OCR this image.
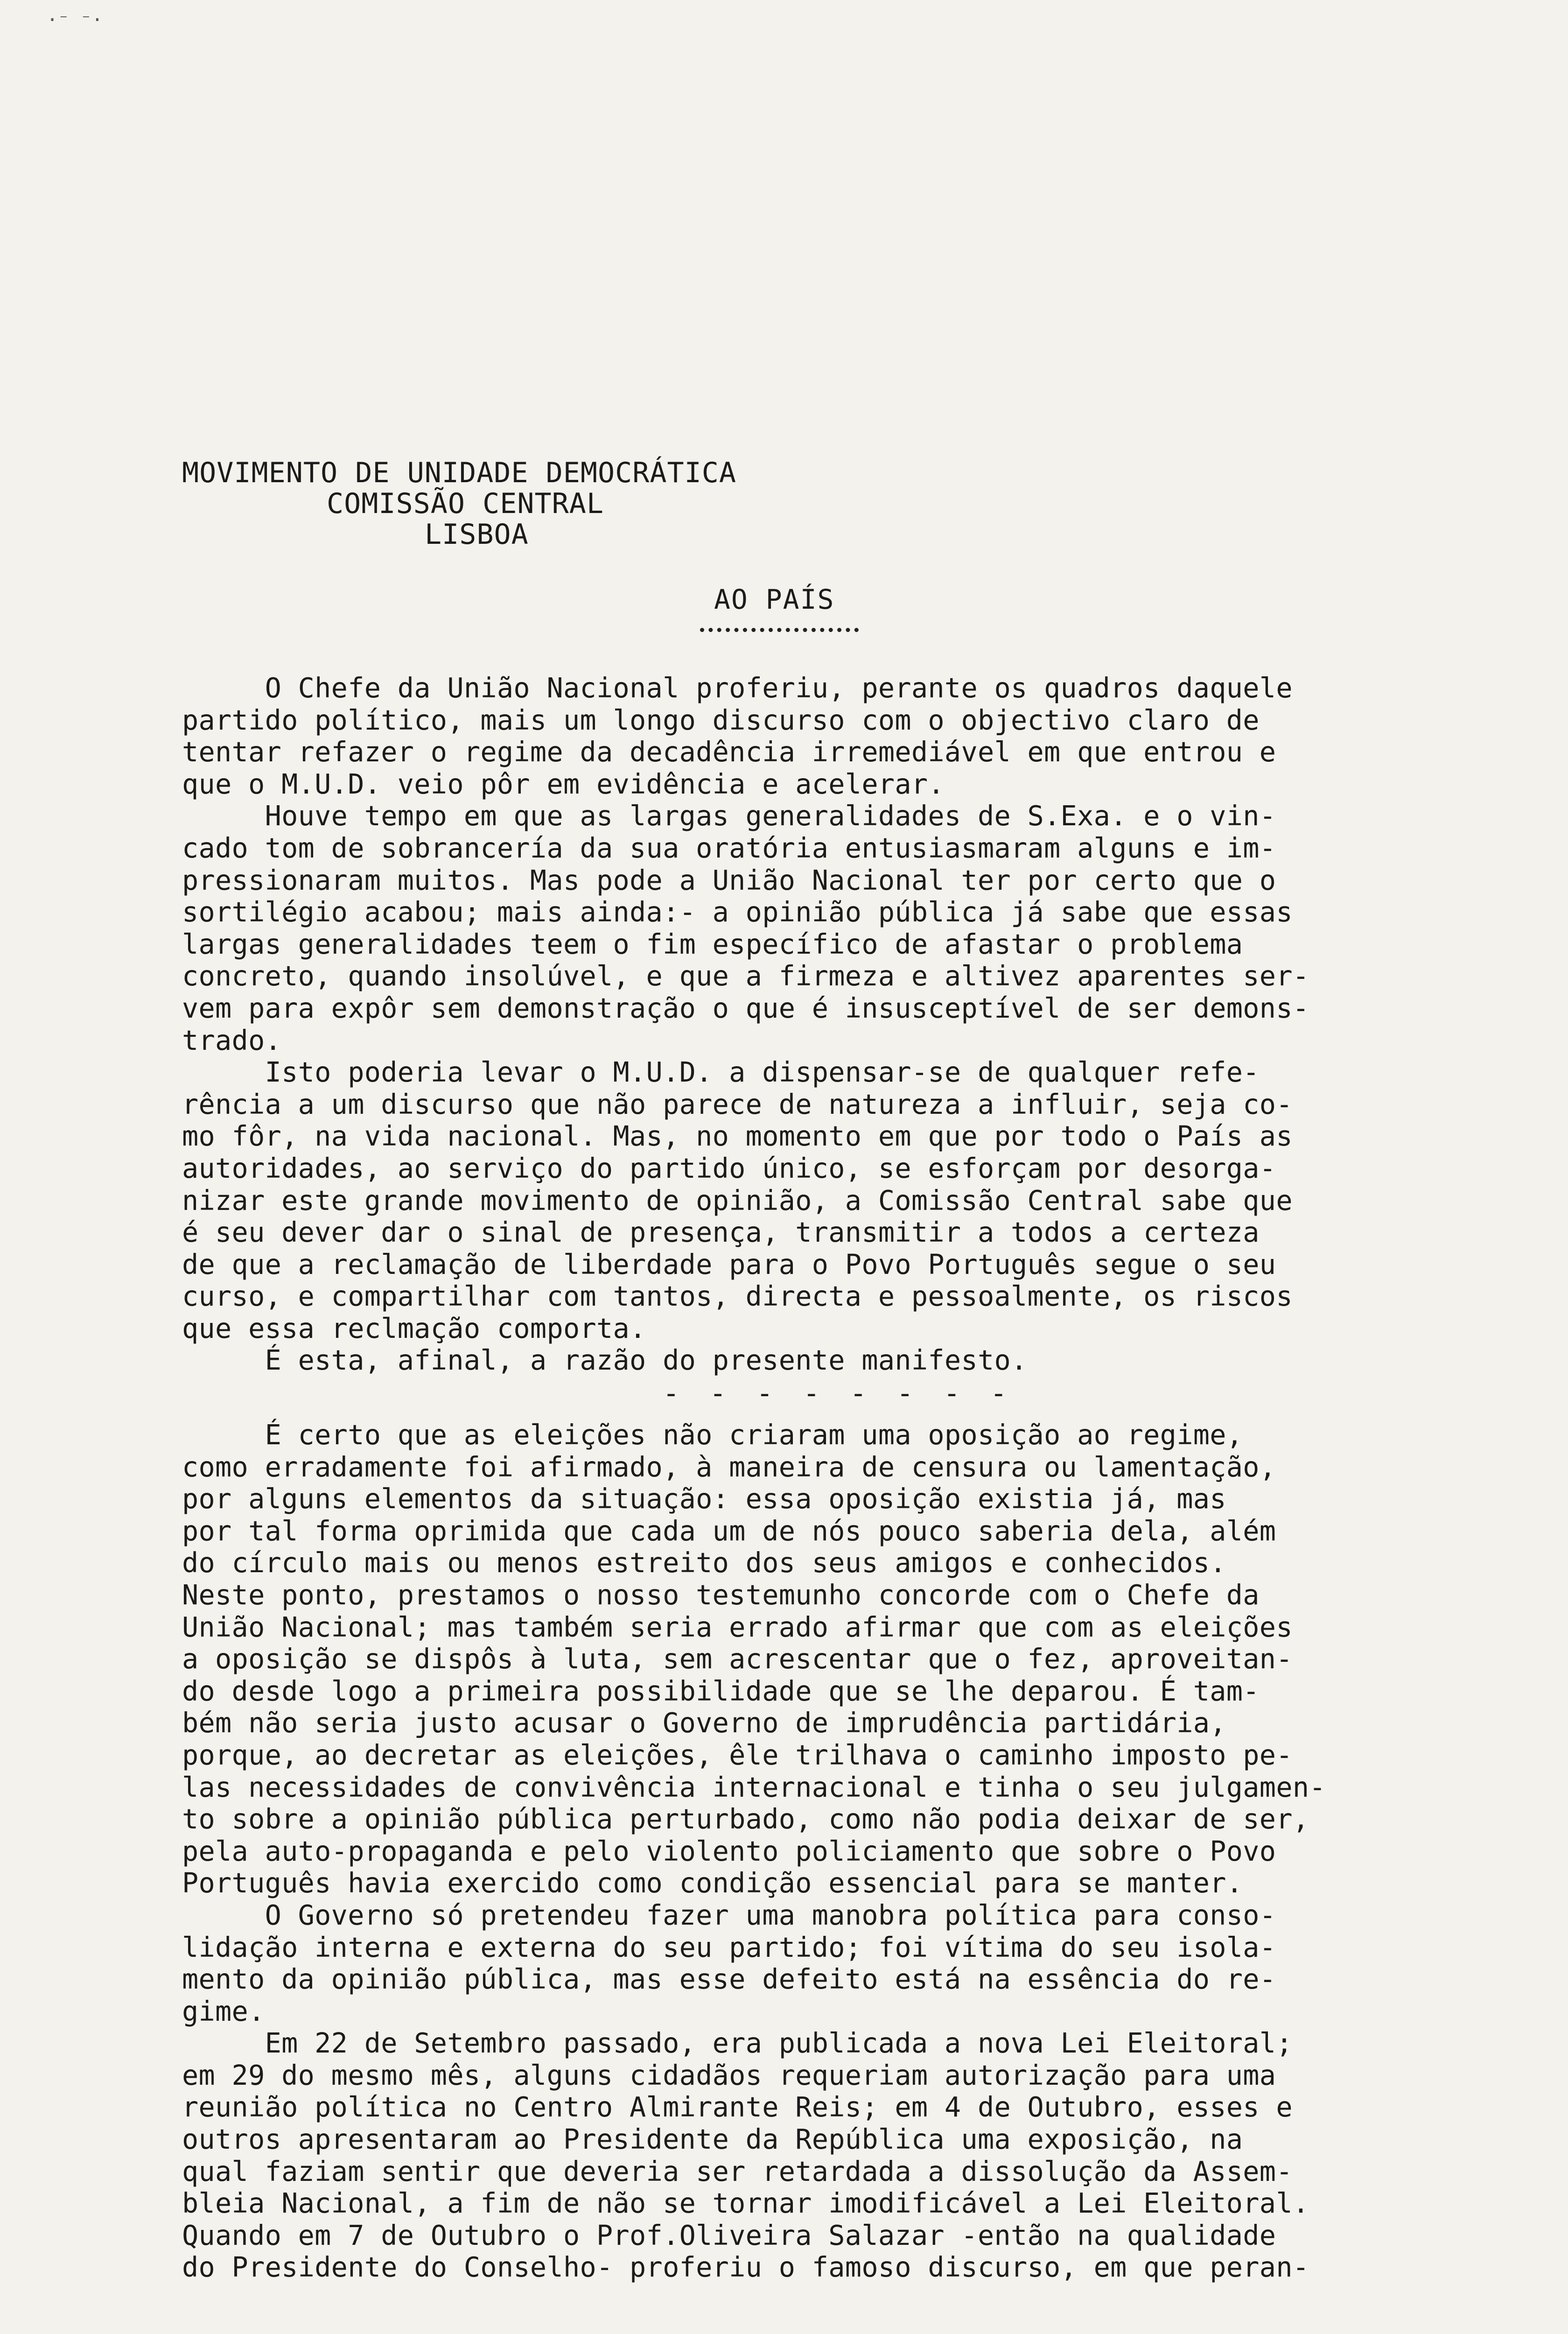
·⁻ ⁻·
MOVIMENTO DE UNIDADE DEMOCRÁTICA
COMISSÃO CENTRAL
LISBOA
AO PAÍS
O Chefe da União Nacional proferiu, perante os quadros daquele
partido político, mais um longo discurso com o objectivo claro de
tentar refazer o regime da decadência irremediável em que entrou e
que o M.U.D. veio pôr em evidência e acelerar.
Houve tempo em que as largas generalidades de S.Exa. e o vin-
cado tom de sobrancería da sua oratória entusiasmaram alguns e im-
pressionaram muitos. Mas pode a União Nacional ter por certo que o
sortilégio acabou; mais ainda:- a opinião pública já sabe que essas
largas generalidades teem o fim específico de afastar o problema
concreto, quando insolúvel, e que a firmeza e altivez aparentes ser-
vem para expôr sem demonstração o que é insusceptível de ser demons-
trado.
Isto poderia levar o M.U.D. a dispensar-se de qualquer refe-
rência a um discurso que não parece de natureza a influir, seja co-
mo fôr, na vida nacional. Mas, no momento em que por todo o País as
autoridades, ao serviço do partido único, se esforçam por desorga-
nizar este grande movimento de opinião, a Comissão Central sabe que
é seu dever dar o sinal de presença, transmitir a todos a certeza
de que a reclamação de liberdade para o Povo Português segue o seu
curso, e compartilhar com tantos, directa e pessoalmente, os riscos
que essa reclmação comporta.
É esta, afinal, a razão do presente manifesto.
- - - - - - - -
É certo que as eleições não criaram uma oposição ao regime,
como erradamente foi afirmado, à maneira de censura ou lamentação,
por alguns elementos da situação: essa oposição existia já, mas
por tal forma oprimida que cada um de nós pouco saberia dela, além
do círculo mais ou menos estreito dos seus amigos e conhecidos.
Neste ponto, prestamos o nosso testemunho concorde com o Chefe da
União Nacional; mas também seria errado afirmar que com as eleições
a oposição se dispôs à luta, sem acrescentar que o fez, aproveitan-
do desde logo a primeira possibilidade que se lhe deparou. É tam-
bém não seria justo acusar o Governo de imprudência partidária,
porque, ao decretar as eleições, êle trilhava o caminho imposto pe-
las necessidades de convivência internacional e tinha o seu julgamen-
to sobre a opinião pública perturbado, como não podia deixar de ser,
pela auto-propaganda e pelo violento policiamento que sobre o Povo
Português havia exercido como condição essencial para se manter.
O Governo só pretendeu fazer uma manobra política para conso-
lidação interna e externa do seu partido; foi vítima do seu isola-
mento da opinião pública, mas esse defeito está na essência do re-
gime.
Em 22 de Setembro passado, era publicada a nova Lei Eleitoral;
em 29 do mesmo mês, alguns cidadãos requeriam autorização para uma
reunião política no Centro Almirante Reis; em 4 de Outubro, esses e
outros apresentaram ao Presidente da República uma exposição, na
qual faziam sentir que deveria ser retardada a dissolução da Assem-
bleia Nacional, a fim de não se tornar imodificável a Lei Eleitoral.
Quando em 7 de Outubro o Prof.Oliveira Salazar -então na qualidade
do Presidente do Conselho- proferiu o famoso discurso, em que peran-
